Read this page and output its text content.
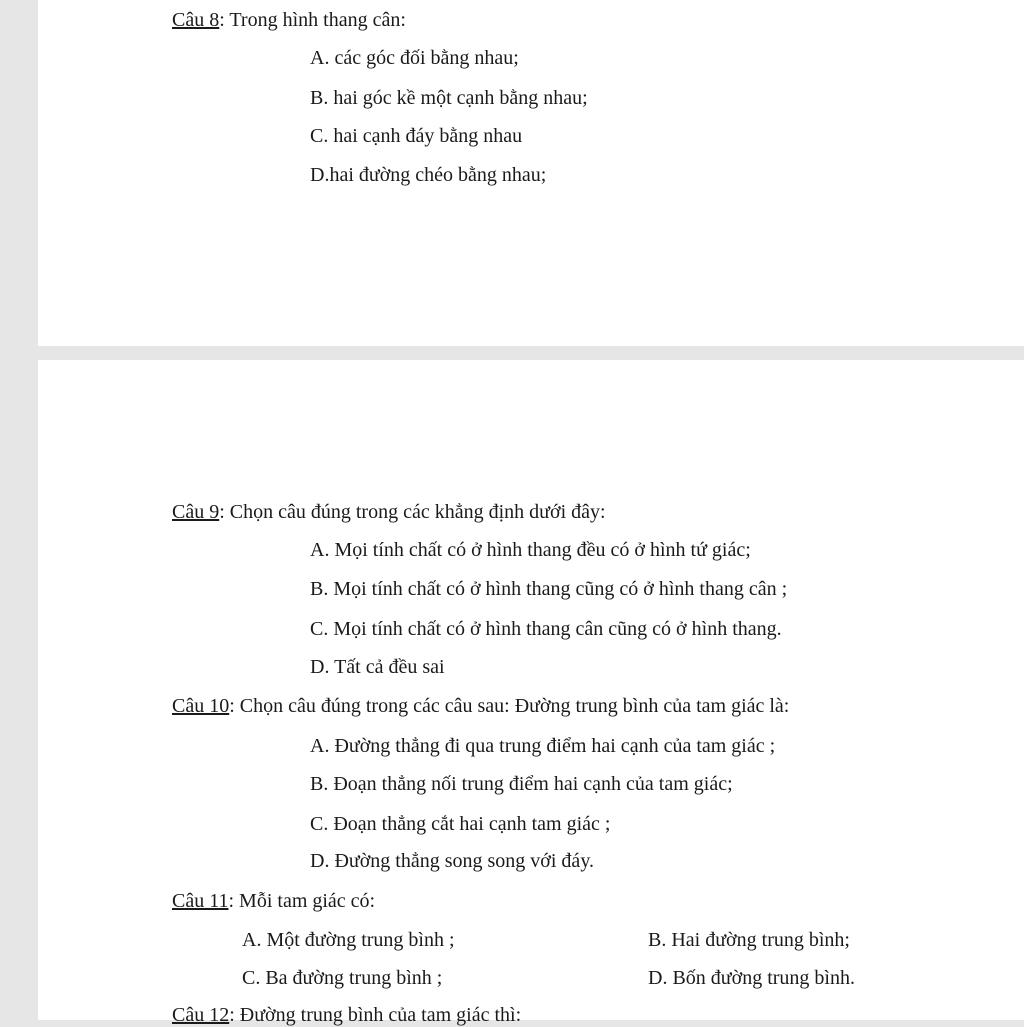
Câu 8: Trong hình thang cân:
A. các góc đối bằng nhau;
B. hai góc kề một cạnh bằng nhau;
C. hai cạnh đáy bằng nhau
D.hai đường chéo bằng nhau;
Câu 9: Chọn câu đúng trong các khẳng định dưới đây:
A. Mọi tính chất có ở hình thang đều có ở hình tứ giác;
B. Mọi tính chất có ở hình thang cũng có ở hình thang cân ;
C. Mọi tính chất có ở hình thang cân cũng có ở hình thang.
D. Tất cả đều sai
Câu 10: Chọn câu đúng trong các câu sau: Đường trung bình của tam giác là:
A. Đường thẳng đi qua trung điểm hai cạnh của tam giác ;
B. Đoạn thẳng nối trung điểm hai cạnh của tam giác;
C. Đoạn thẳng cắt hai cạnh tam giác ;
D. Đường thẳng song song với đáy.
Câu 11: Mỗi tam giác có:
A. Một đường trung bình ;	B. Hai đường trung bình;
C. Ba đường trung bình ;	D. Bốn đường trung bình.
Câu 12: Đường trung bình của tam giác thì:
